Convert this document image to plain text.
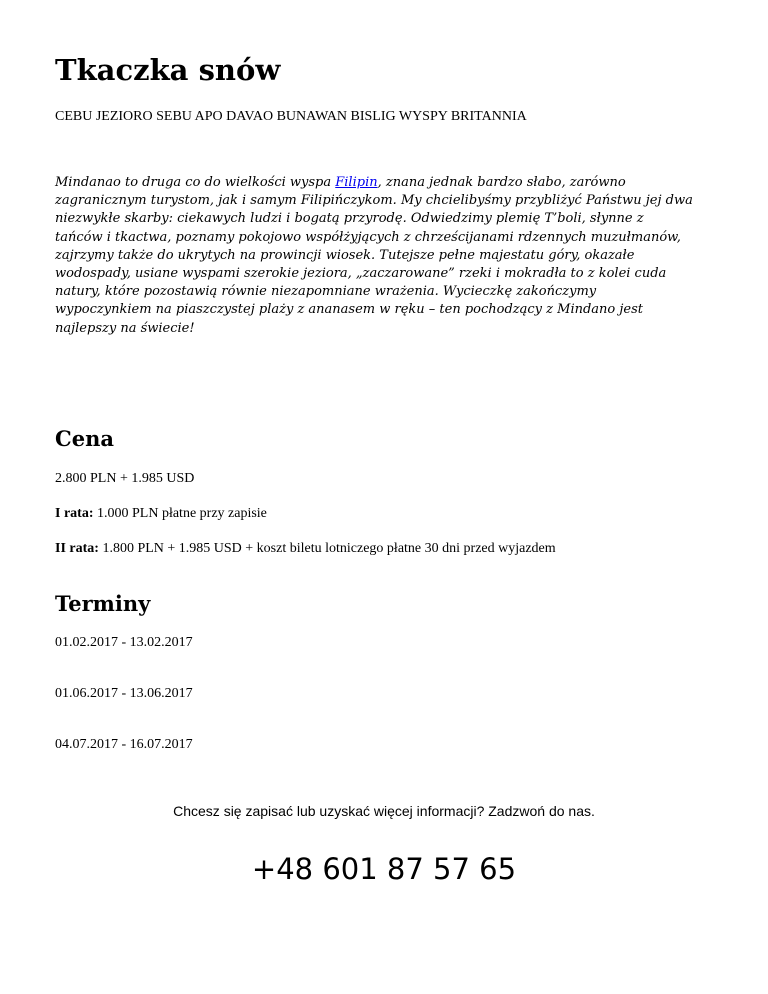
Tkaczka snów

CEBU JEZIORO SEBU APO DAVAO BUNAWAN BISLIG WYSPY BRITANNIA

Mindanao to druga co do wielkości wyspa Filipin, znana jednak bardzo słabo, zarówno zagranicznym turystom, jak i samym Filipińczykom. My chcielibyśmy przybliżyć Państwu jej dwa niezwykłe skarby: ciekawych ludzi i bogatą przyrodę. Odwiedzimy plemię T’boli, słynne z tańców i tkactwa, poznamy pokojowo współżyjących z chrześcijanami rdzennych muzułmanów, zajrzymy także do ukrytych na prowincji wiosek. Tutejsze pełne majestatu góry, okazałe wodospady, usiane wyspami szerokie jeziora, „zaczarowane” rzeki i mokradła to z kolei cuda natury, które pozostawią równie niezapomniane wrażenia. Wycieczkę zakończymy wypoczynkiem na piaszczystej plaży z ananasem w ręku – ten pochodzący z Mindano jest najlepszy na świecie!

Cena

2.800 PLN + 1.985 USD

I rata: 1.000 PLN płatne przy zapisie

II rata: 1.800 PLN + 1.985 USD + koszt biletu lotniczego płatne 30 dni przed wyjazdem

Terminy

01.02.2017 - 13.02.2017

01.06.2017 - 13.06.2017

04.07.2017 - 16.07.2017

Chcesz się zapisać lub uzyskać więcej informacji? Zadzwoń do nas.

+48 601 87 57 65
